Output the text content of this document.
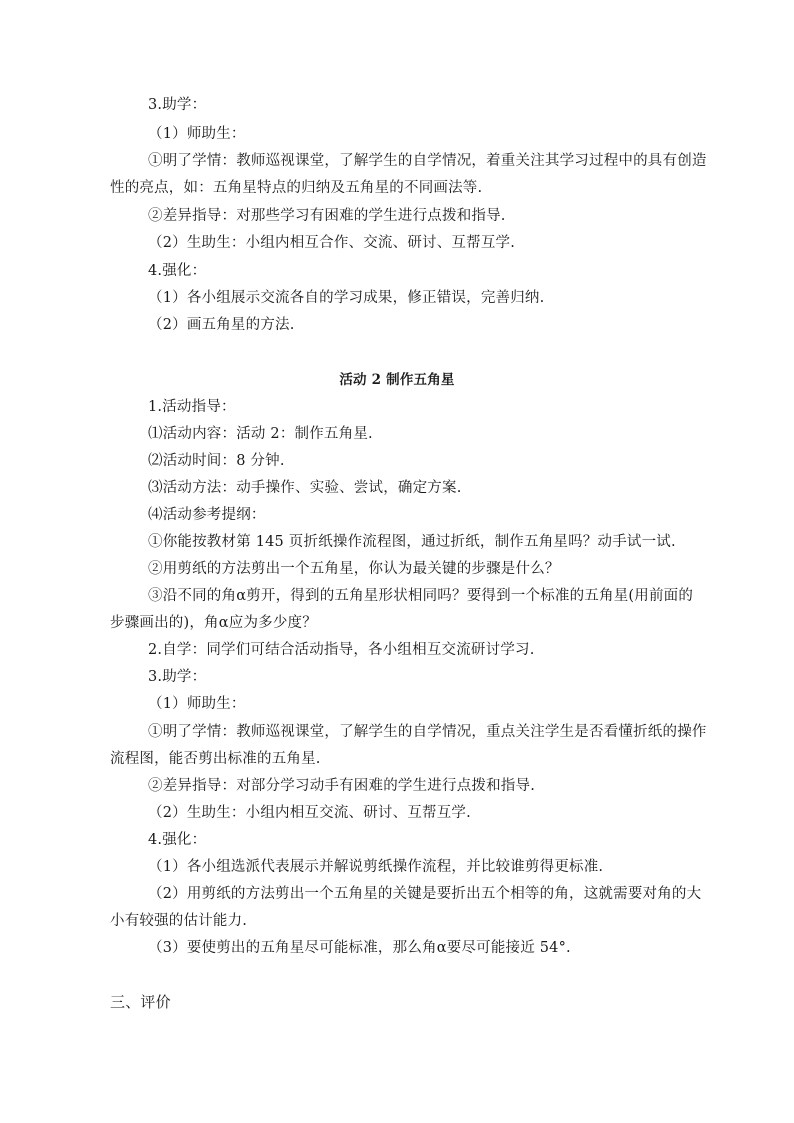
3.助学：
（1）师助生：
①明了学情：教师巡视课堂，了解学生的自学情况，着重关注其学习过程中的具有创造
性的亮点，如：五角星特点的归纳及五角星的不同画法等.
②差异指导：对那些学习有困难的学生进行点拨和指导.
（2）生助生：小组内相互合作、交流、研讨、互帮互学.
4.强化：
（1）各小组展示交流各自的学习成果，修正错误，完善归纳.
（2）画五角星的方法.
活动 2 制作五角星
1.活动指导：
⑴活动内容：活动 2：制作五角星.
⑵活动时间：8 分钟.
⑶活动方法：动手操作、实验、尝试，确定方案.
⑷活动参考提纲：
①你能按教材第 145 页折纸操作流程图，通过折纸，制作五角星吗？动手试一试.
②用剪纸的方法剪出一个五角星，你认为最关键的步骤是什么？
③沿不同的角α剪开，得到的五角星形状相同吗？要得到一个标准的五角星(用前面的
步骤画出的)，角α应为多少度？
2.自学：同学们可结合活动指导，各小组相互交流研讨学习.
3.助学：
（1）师助生：
①明了学情：教师巡视课堂，了解学生的自学情况，重点关注学生是否看懂折纸的操作
流程图，能否剪出标准的五角星.
②差异指导：对部分学习动手有困难的学生进行点拨和指导.
（2）生助生：小组内相互交流、研讨、互帮互学.
4.强化：
（1）各小组选派代表展示并解说剪纸操作流程，并比较谁剪得更标准.
（2）用剪纸的方法剪出一个五角星的关键是要折出五个相等的角，这就需要对角的大
小有较强的估计能力.
（3）要使剪出的五角星尽可能标准，那么角α要尽可能接近 54°.
三、评价
